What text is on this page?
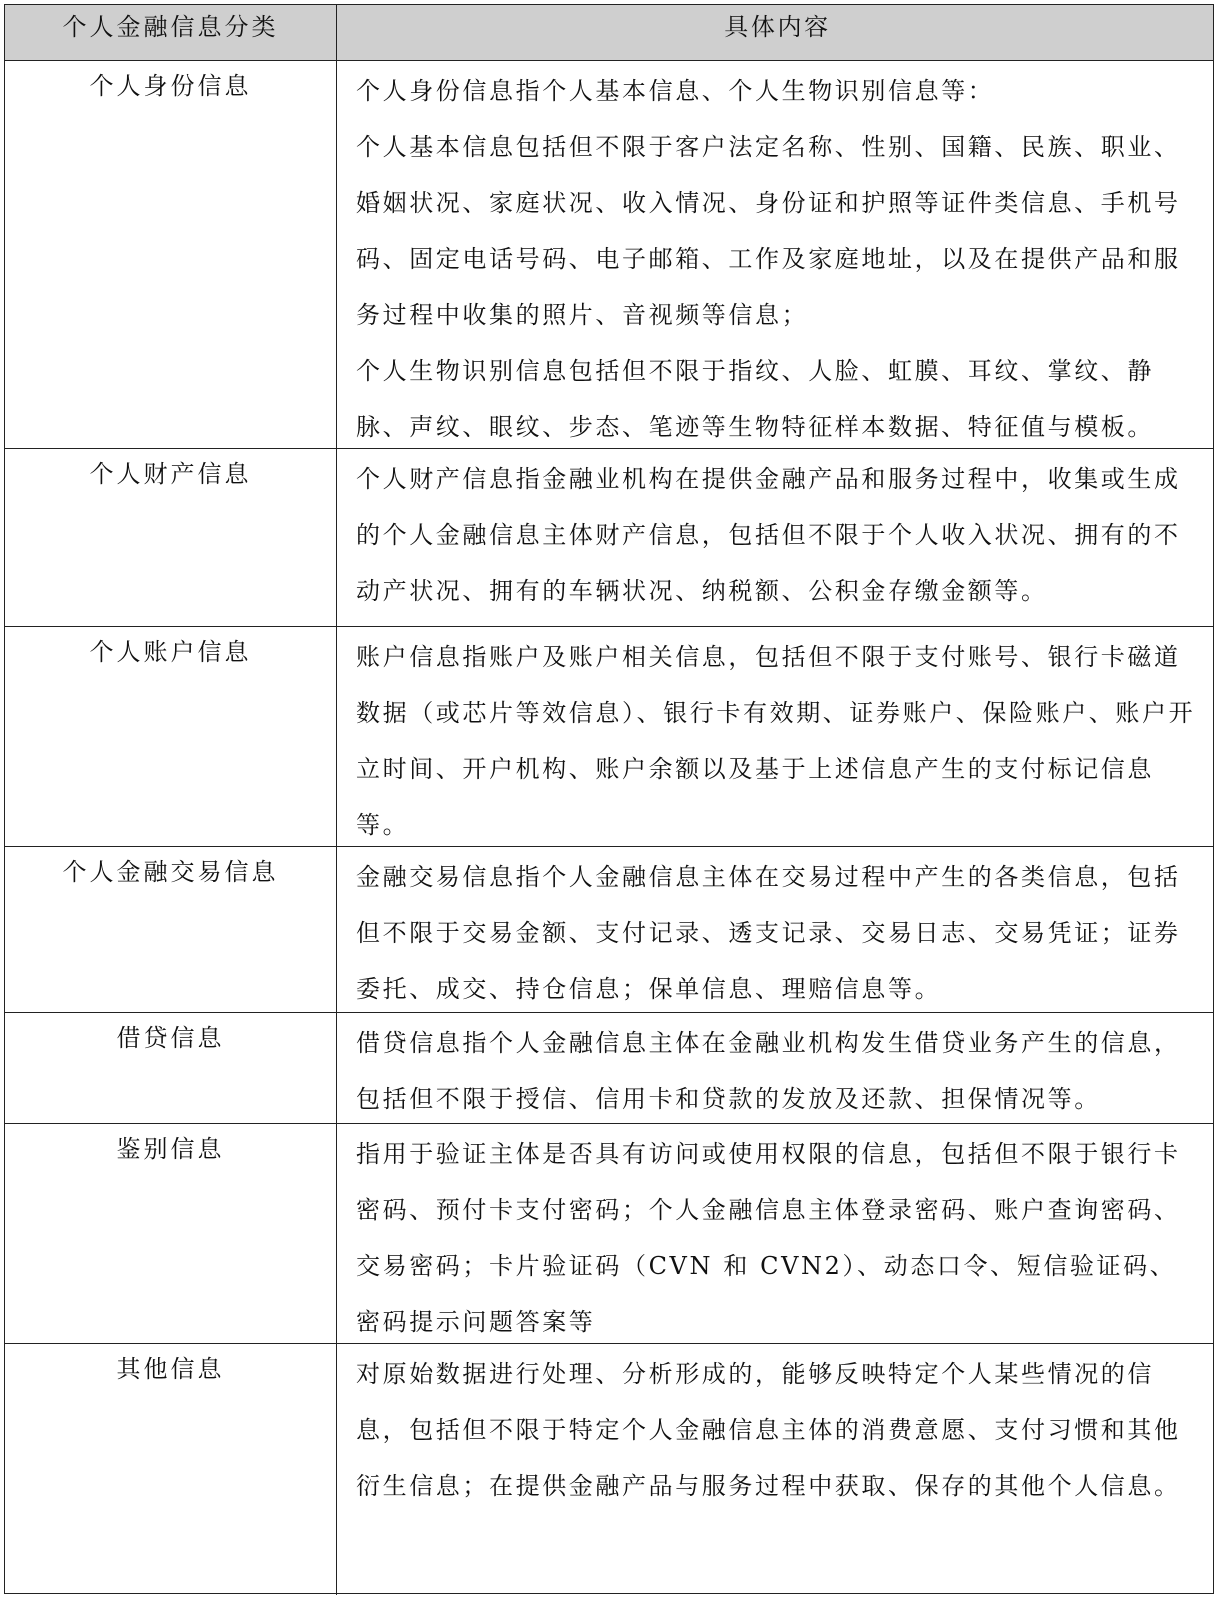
个人金融信息分类	具体内容
个人身份信息	个人身份信息指个人基本信息、个人生物识别信息等：

个人基本信息包括但不限于客户法定名称、性别、国籍、民族、职业、婚姻状况、家庭状况、收入情况、身份证和护照等证件类信息、手机号码、固定电话号码、电子邮箱、工作及家庭地址，以及在提供产品和服务过程中收集的照片、音视频等信息；

个人生物识别信息包括但不限于指纹、人脸、虹膜、耳纹、掌纹、静脉、声纹、眼纹、步态、笔迹等生物特征样本数据、特征值与模板。

个人财产信息	个人财产信息指金融业机构在提供金融产品和服务过程中，收集或生成的个人金融信息主体财产信息，包括但不限于个人收入状况、拥有的不动产状况、拥有的车辆状况、纳税额、公积金存缴金额等。

个人账户信息	账户信息指账户及账户相关信息，包括但不限于支付账号、银行卡磁道数据（或芯片等效信息）、银行卡有效期、证券账户、保险账户、账户开立时间、开户机构、账户余额以及基于上述信息产生的支付标记信息等。

个人金融交易信息	金融交易信息指个人金融信息主体在交易过程中产生的各类信息，包括但不限于交易金额、支付记录、透支记录、交易日志、交易凭证；证券委托、成交、持仓信息；保单信息、理赔信息等。

借贷信息	借贷信息指个人金融信息主体在金融业机构发生借贷业务产生的信息，包括但不限于授信、信用卡和贷款的发放及还款、担保情况等。

鉴别信息	指用于验证主体是否具有访问或使用权限的信息，包括但不限于银行卡密码、预付卡支付密码；个人金融信息主体登录密码、账户查询密码、交易密码；卡片验证码（CVN 和 CVN2）、动态口令、短信验证码、密码提示问题答案等

其他信息	对原始数据进行处理、分析形成的，能够反映特定个人某些情况的信息，包括但不限于特定个人金融信息主体的消费意愿、支付习惯和其他衍生信息；在提供金融产品与服务过程中获取、保存的其他个人信息。
